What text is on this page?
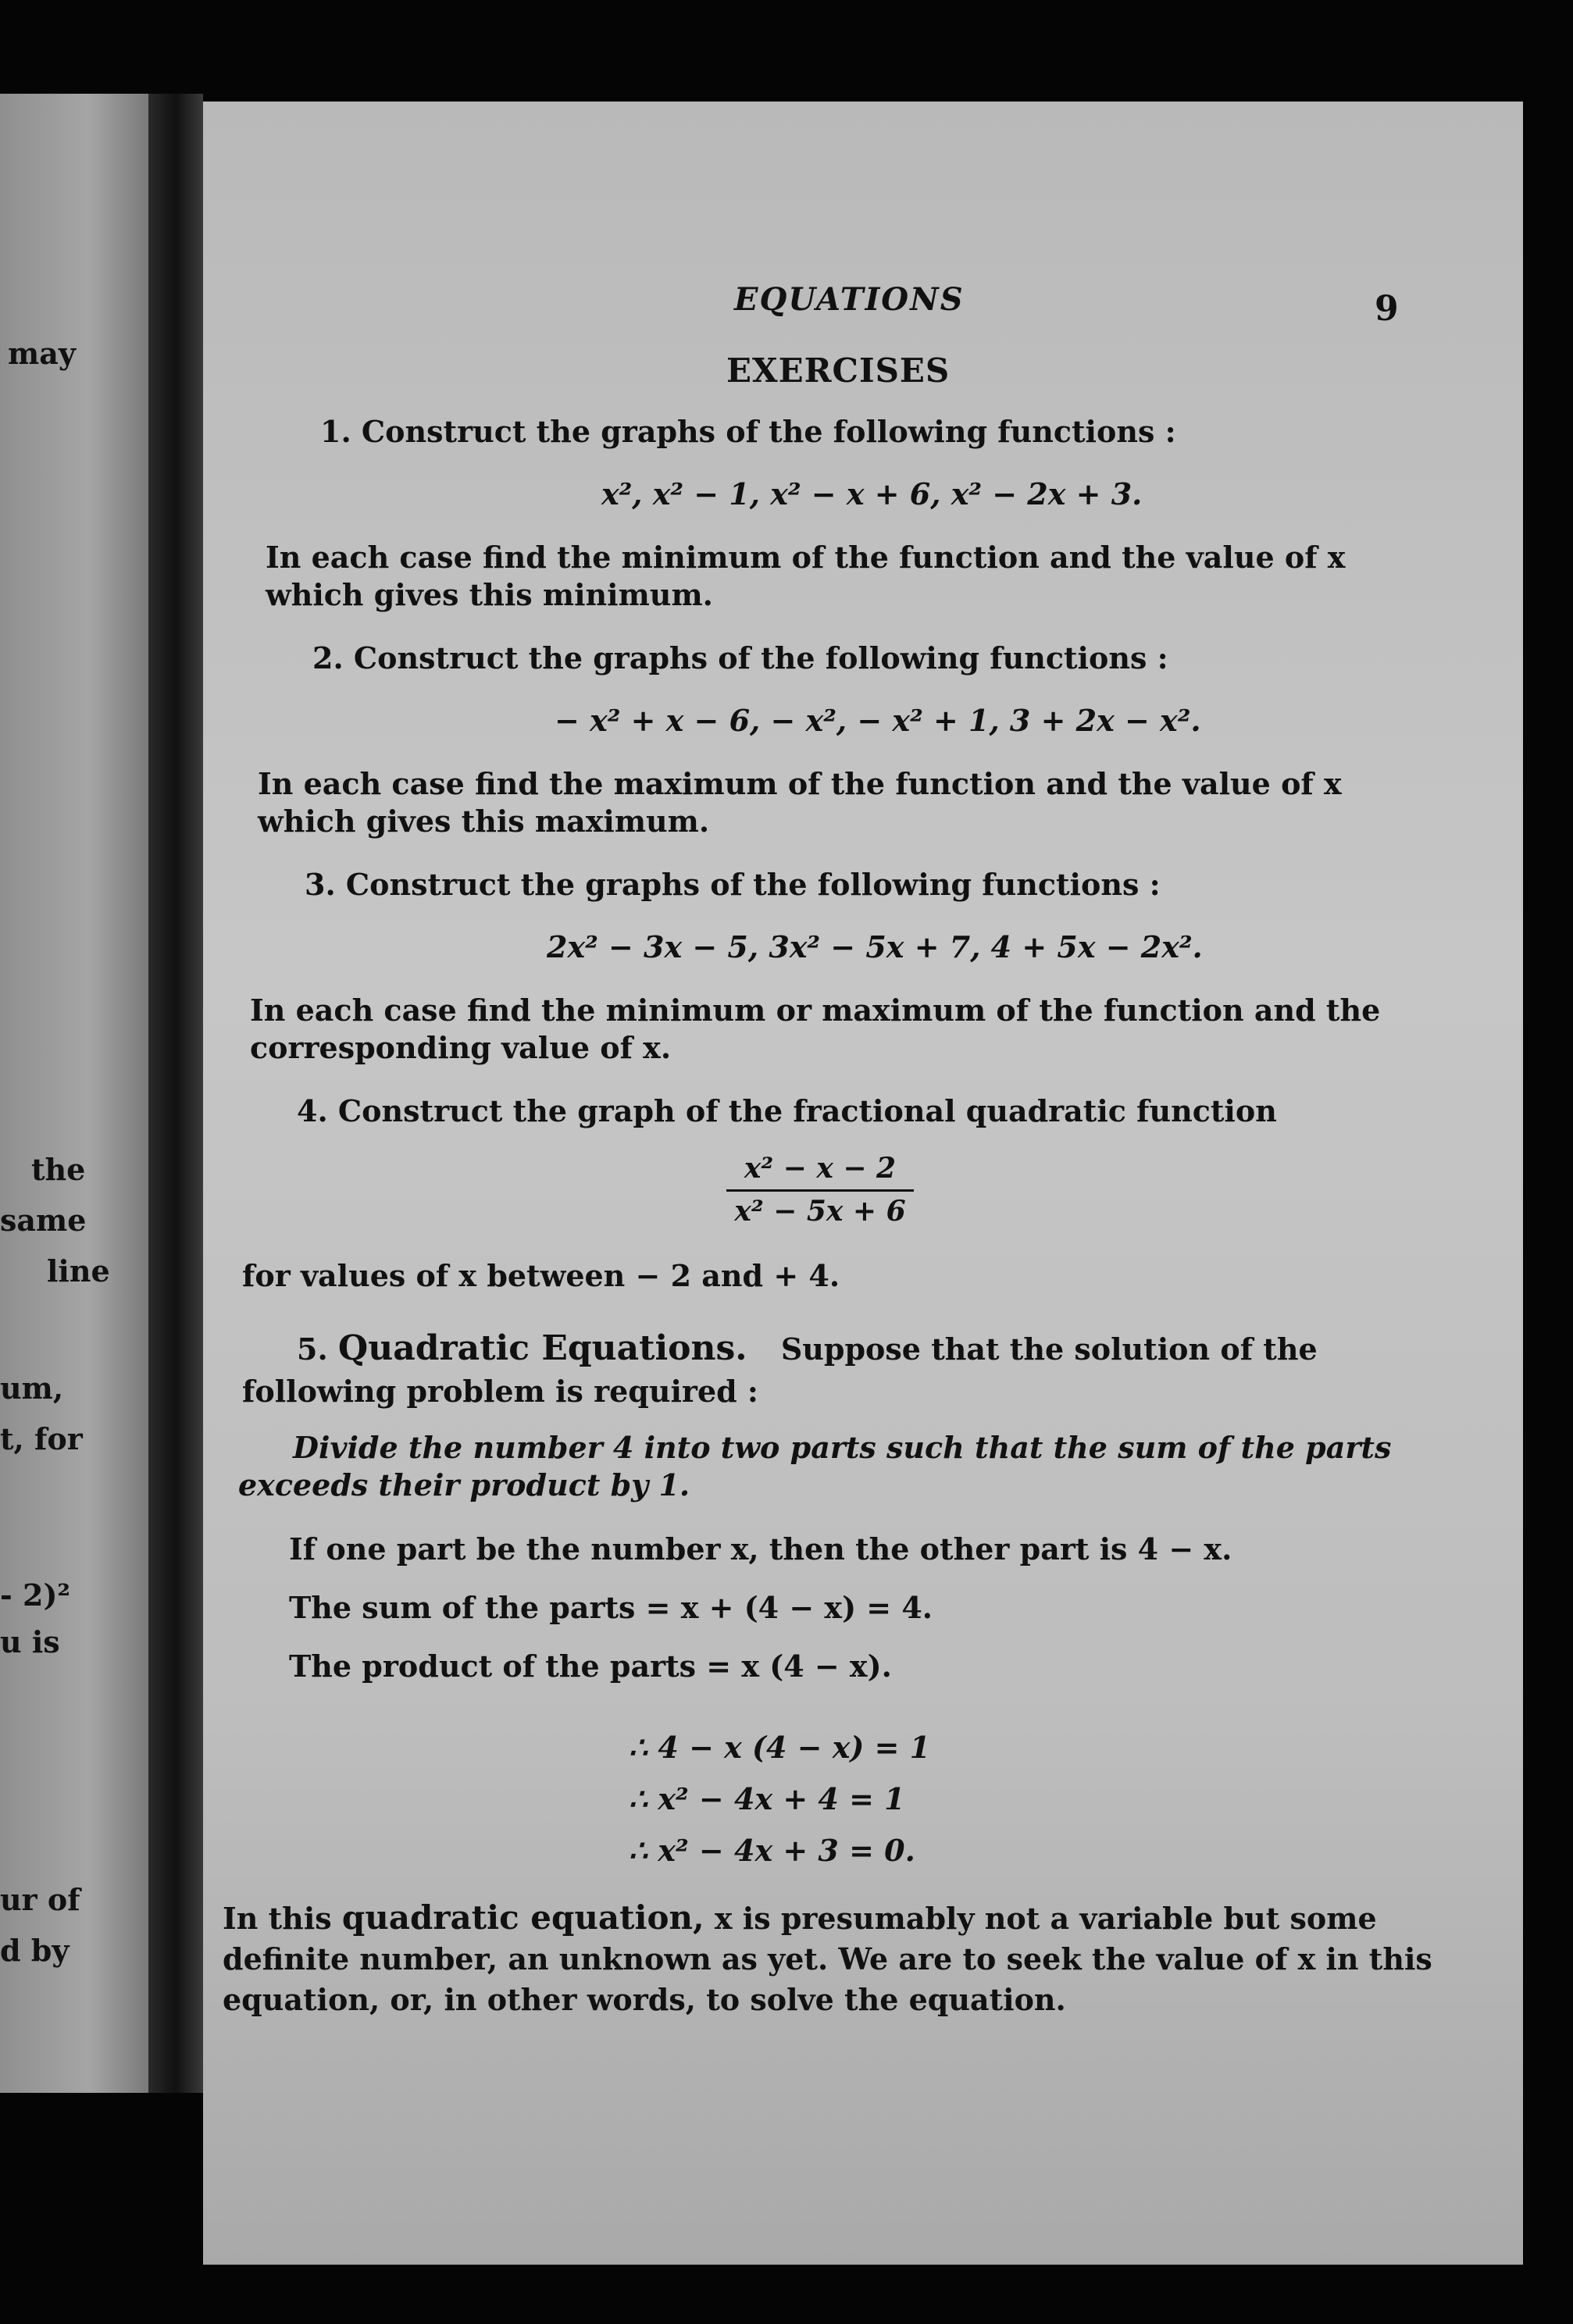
may
the
same
line
um,
t, for
- 2)²
u is
ur of
d by
EQUATIONS	9
EXERCISES
1. Construct the graphs of the following functions :
x², x² − 1, x² − x + 6, x² − 2x + 3.
In each case find the minimum of the function and the value of x which gives this minimum.
2. Construct the graphs of the following functions :
− x² + x − 6, − x², − x² + 1, 3 + 2x − x².
In each case find the maximum of the function and the value of x which gives this maximum.
3. Construct the graphs of the following functions :
2x² − 3x − 5, 3x² − 5x + 7, 4 + 5x − 2x².
In each case find the minimum or maximum of the function and the corresponding value of x.
4. Construct the graph of the fractional quadratic function
x² − x − 2
x² − 5x + 6
for values of x between − 2 and + 4.
5. Quadratic Equations. Suppose that the solution of the following problem is required :
Divide the number 4 into two parts such that the sum of the parts exceeds their product by 1.
If one part be the number x, then the other part is 4 − x.
The sum of the parts = x + (4 − x) = 4.
The product of the parts = x (4 − x).
∴ 4 − x (4 − x) = 1
∴ x² − 4x + 4 = 1
∴ x² − 4x + 3 = 0.
In this quadratic equation, x is presumably not a variable but some definite number, an unknown as yet. We are to seek the value of x in this equation, or, in other words, to solve the equation.
